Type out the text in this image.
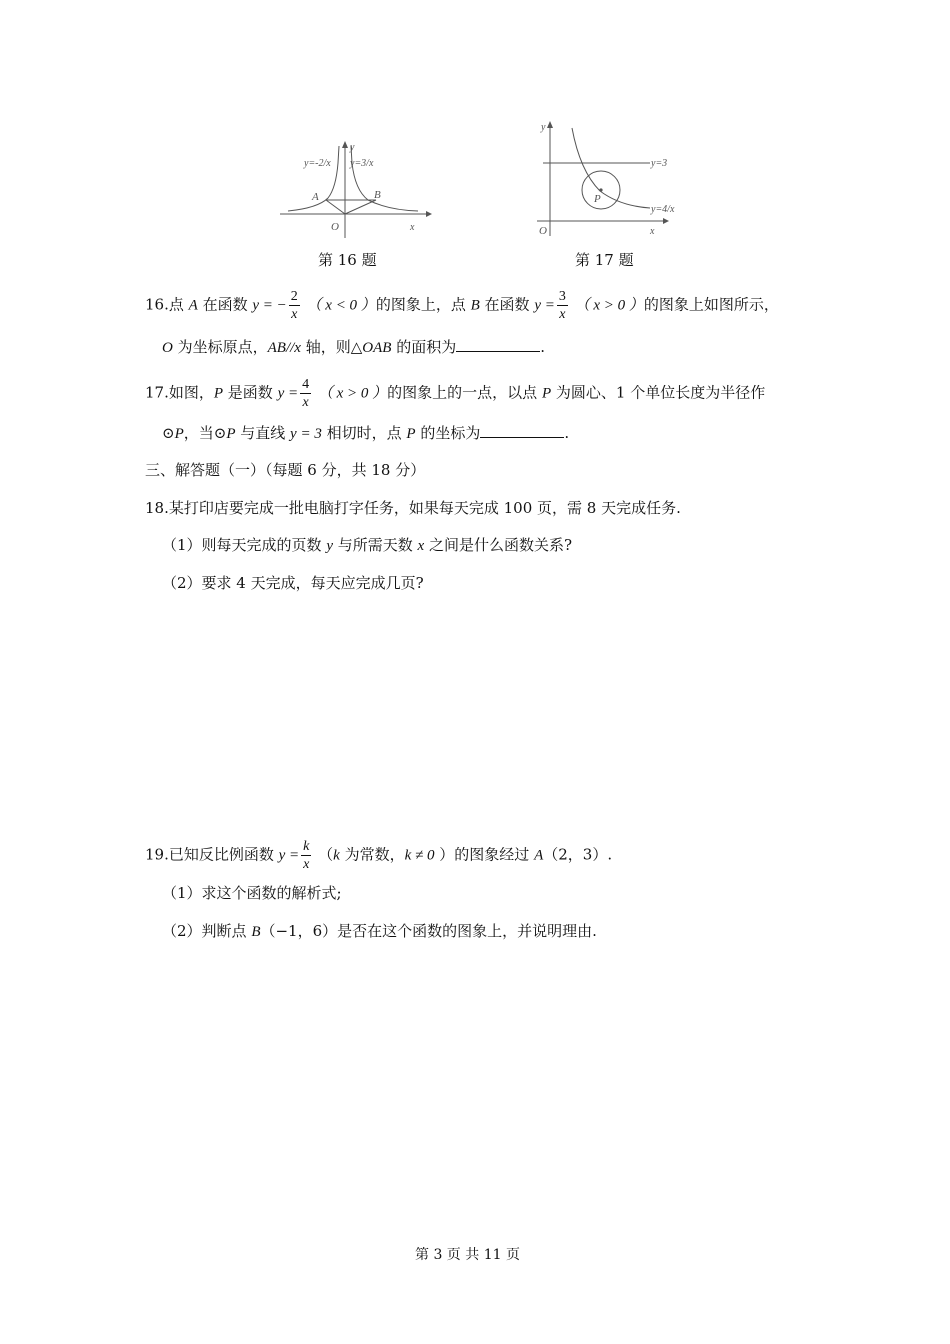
y=-2/x y=3/x
y
x
A	B
O
y=3
y=4/x
y
x
P
O
第 16 题	第 17 题
16.点 A 在函数 y = − $\frac{2}{x}$ （ x < 0 ）的图象上，点 B 在函数 $y = \frac{3}{x}$ （ x > 0 ）的图象上如图所示，
O 为坐标原点，AB//x 轴，则△OAB 的面积为	.
17.如图，P 是函数 $y = \frac{4}{x}$ （ x > 0 ）的图象上的一点，以点 P 为圆心、1 个单位长度为半径作
⊙P，当⊙P 与直线 y = 3 相切时，点 P 的坐标为	.
三、解答题（一）（每题 6 分，共 18 分）
18.某打印店要完成一批电脑打字任务，如果每天完成 100 页，需 8 天完成任务.
（1）则每天完成的页数 y 与所需天数 x 之间是什么函数关系?
（2）要求 4 天完成，每天应完成几页?
19.已知反比例函数 $y = \frac{k}{x} (k$ 为常数，k ≠ 0 ）的图象经过 A（2，3）.
（1）求这个函数的解析式;
（2）判断点 B（−1，6）是否在这个函数的图象上，并说明理由.
第 3 页 共 11 页
